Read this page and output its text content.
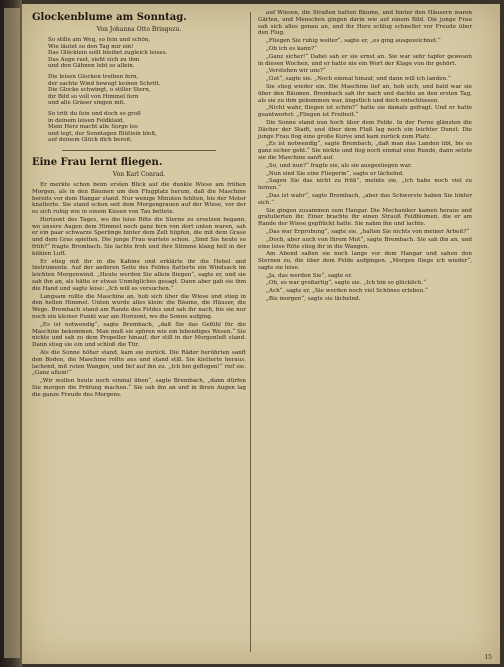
Glockenblume am Sonntag.
Von Johanna Otto Bringezu.
So stille am Weg, so fein und schön,
Wie läutet so den Tag mir ein!
Das Glöcklein sollt bleibet zugleich leises.
Das Auge rast, sieht sich zu ihm
und den Gähnen lebt so allein.
Die leisen Glocken treiben fern,
der sachte Wind bewegt keinen Schritt.
Die Glocke schwingt, o stiller Stern,
ihr Bild so voll von Himmel fern
und alle Gräser singen mit.
So tritt du fein und doch so groß
in deinem leisen Feldklaid,
Mein Herz macht alle Sorge los
und legt, der Sonntagen Blütlein bloß,
auf deinem Glück dich bereit.
Eine Frau lernt fliegen.
Von Karl Conrad.

Er merkte schon beim ersten Blick auf die dunkle Wiese am frühen Morgen, als in den Bäumen um den Flugplatz herum, daß die Maschine bereits vor dem Hangar stand. Nur wenige Minuten fehlten, bis der Motor knatterte. Sie stand schon seit dem Morgengrauen auf der Wiese, vor der es sich ruhig wie in einem Kissen von Tau bettete.

Horizont des Tages, wo die leise Röte die Sterne zu ersetzen begann, wo unsere Augen dem Himmel noch ganz fern von dort unten waren, sah er ein paar schwarze Sperlinge hinter dem Zelt hüpfen, die mit dem Grase und dem Gras spielten. Die junge Frau wartete schon. „Sind Sie heute so früh?“ fragte Brembach. Sie lachte froh und ihre Stimme klang hell in der kühlen Luft.

Er stieg mit ihr in die Kabine und erklärte ihr die Hebel und Instrumente. Auf der anderen Seite des Feldes flatterte ein Windsack im leichten Morgenwind. „Heute werden Sie allein fliegen“, sagte er, und sie sah ihn an, als hätte er etwas Unmögliches gesagt. Dann aber gab sie ihm die Hand und sagte leise: „Ich will es versuchen.“

Langsam rollte die Maschine an, hob sich über die Wiese und stieg in den hellen Himmel. Unten wurde alles klein: die Bäume, die Häuser, die Wege. Brembach stand am Rande des Feldes und sah ihr nach, bis sie nur noch ein kleiner Punkt war am Horizont, wo die Sonne aufging.

„Es ist notwendig“, sagte Brembach, „daß Sie das Gefühl für die Maschine bekommen. Man muß sie spüren wie ein lebendiges Wesen.“ Sie nickte und sah zu dem Propeller hinauf, der still in der Morgenluft stand. Dann stieg sie ein und schloß die Tür.

Als die Sonne höher stand, kam sie zurück. Die Räder berührten sanft den Boden, die Maschine rollte aus und stand still. Sie kletterte heraus, lachend, mit roten Wangen, und lief auf ihn zu. „Ich bin geflogen!“ rief sie. „Ganz allein!“

„Wir wollen heute noch einmal üben“, sagte Brembach, „dann dürfen Sie morgen die Prüfung machen.“ Sie sah ihn an und in ihren Augen lag die ganze Freude des Morgens.

auf Wiesen, die Straßen hatten Bäume, und hinter den Häusern waren Gärten, und Menschen gingen darin wie auf einem Bild. Die junge Frau sah sich alles genau an, und ihr Herz schlug schneller vor Freude über den Flug.

„Fliegen Sie ruhig weiter“, sagte er, „es ging ausgezeichnet.“

„Ob ich es kann?“

„Ganz sicher!“ Dabei sah er sie ernst an. Sie war sehr tapfer gewesen in diesen Wochen, und er hatte nie ein Wort der Klage von ihr gehört.

„Verstehen wir uns?“

„Gut“, sagte sie. „Noch einmal hinauf, und dann will ich landen.“

Sie stieg wieder ein. Die Maschine lief an, hob sich, und bald war sie über den Bäumen. Brembach sah ihr nach und dachte an den ersten Tag, als sie zu ihm gekommen war, ängstlich und doch entschlossen.

„Nicht wahr, fliegen ist schön?“ hatte sie damals gefragt. Und er hatte geantwortet: „Fliegen ist Freiheit.“

Die Sonne stand nun hoch über dem Felde. In der Ferne glänzten die Dächer der Stadt, und über dem Fluß lag noch ein leichter Dunst. Die junge Frau flog eine große Kurve und kam zurück zum Platz.

„Es ist notwendig“, sagte Brembach, „daß man das Landen übt, bis es ganz sicher geht.“ Sie nickte und flog noch einmal eine Runde, dann setzte sie die Maschine sanft auf.

„So, und nun?“ fragte sie, als sie ausgestiegen war.

„Nun sind Sie eine Fliegerin“, sagte er lächelnd.

„Sagen Sie das nicht zu früh“, meinte sie, „ich habe noch viel zu lernen.“

„Das ist wahr“, sagte Brembach, „aber das Schwerste haben Sie hinter sich.“

Sie gingen zusammen zum Hangar. Die Mechaniker kamen heraus und gratulierten ihr. Einer brachte ihr einen Strauß Feldblumen, die er am Rande der Wiese gepflückt hatte. Sie nahm ihn und lachte.

„Das war Erprobung“, sagte sie, „halten Sie nichts von meiner Arbeit?“

„Doch, aber auch von Ihrem Mut“, sagte Brembach. Sie sah ihn an, und eine leise Röte stieg ihr in die Wangen.

Am Abend saßen sie noch lange vor dem Hangar und sahen den Sternen zu, die über dem Felde aufgingen. „Morgen fliege ich wieder“, sagte sie leise.

„Ja, das werden Sie“, sagte er.

„Oh, es war großartig“, sagte sie. „Ich bin so glücklich.“

„Ach“, sagte er, „Sie werden noch viel Schönes erleben.“

„Bis morgen“, sagte sie lächelnd.

15
